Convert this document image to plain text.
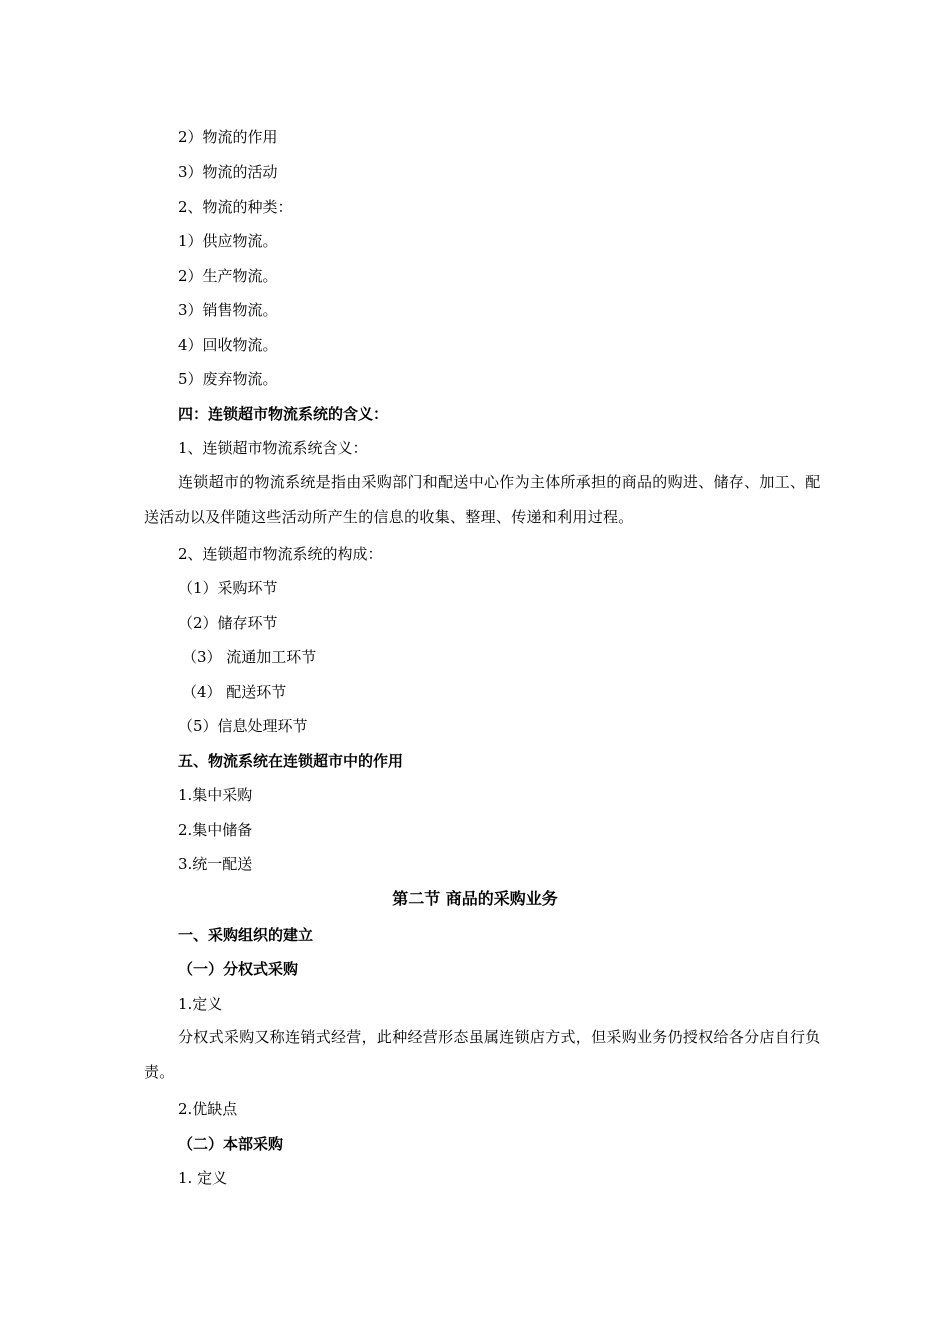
2）物流的作用
3）物流的活动
2、物流的种类：
1）供应物流。
2）生产物流。
3）销售物流。
4）回收物流。
5）废弃物流。
四：连锁超市物流系统的含义：
1、连锁超市物流系统含义：
连锁超市的物流系统是指由采购部门和配送中心作为主体所承担的商品的购进、储存、加工、配送活动以及伴随这些活动所产生的信息的收集、整理、传递和利用过程。
2、连锁超市物流系统的构成：
（1）采购环节
（2）储存环节
（3） 流通加工环节
（4） 配送环节
（5）信息处理环节
五、物流系统在连锁超市中的作用
1.集中采购
2.集中储备
3.统一配送
第二节 商品的采购业务
一、采购组织的建立
（一）分权式采购
1.定义
分权式采购又称连销式经营，此种经营形态虽属连锁店方式，但采购业务仍授权给各分店自行负责。
2.优缺点
（二）本部采购
1. 定义
